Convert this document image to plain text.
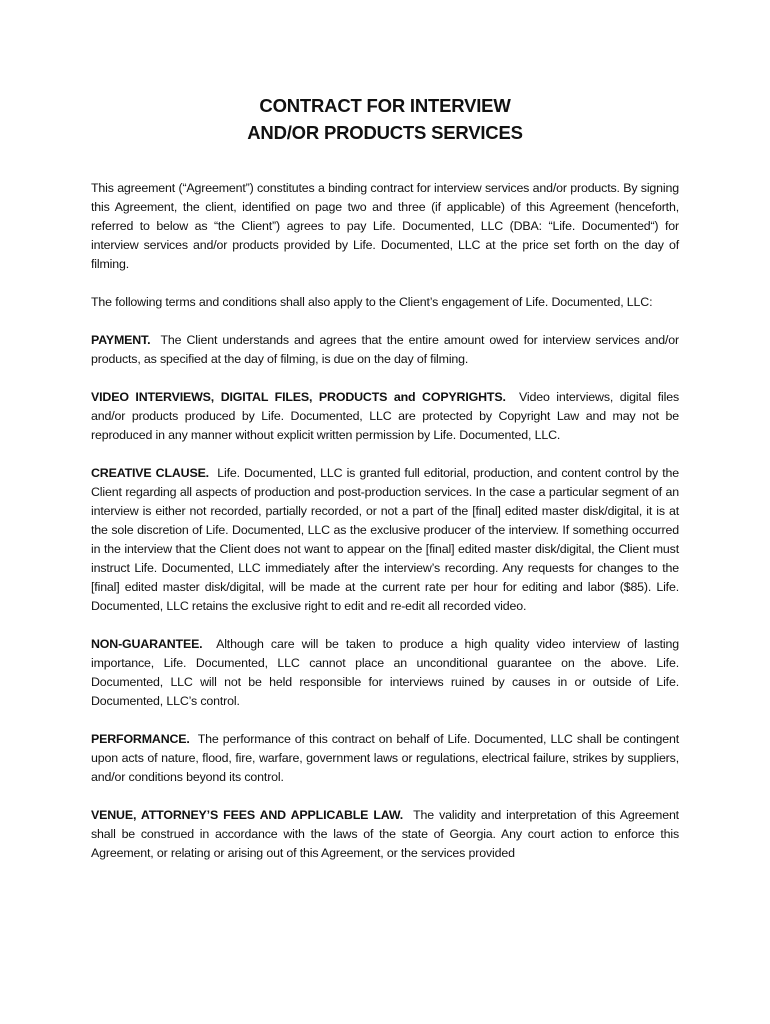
CONTRACT FOR INTERVIEW
AND/OR PRODUCTS SERVICES

This agreement (“Agreement”) constitutes a binding contract for interview services and/or products. By signing this Agreement, the client, identified on page two and three (if applicable) of this Agreement (henceforth, referred to below as “the Client”) agrees to pay Life. Documented, LLC (DBA: “Life. Documented“) for interview services and/or products provided by Life. Documented, LLC at the price set forth on the day of filming.

The following terms and conditions shall also apply to the Client’s engagement of Life. Documented, LLC:

PAYMENT. The Client understands and agrees that the entire amount owed for interview services and/or products, as specified at the day of filming, is due on the day of filming.

VIDEO INTERVIEWS, DIGITAL FILES, PRODUCTS and COPYRIGHTS. Video interviews, digital files and/or products produced by Life. Documented, LLC are protected by Copyright Law and may not be reproduced in any manner without explicit written permission by Life. Documented, LLC.

CREATIVE CLAUSE. Life. Documented, LLC is granted full editorial, production, and content control by the Client regarding all aspects of production and post-production services. In the case a particular segment of an interview is either not recorded, partially recorded, or not a part of the [final] edited master disk/digital, it is at the sole discretion of Life. Documented, LLC as the exclusive producer of the interview. If something occurred in the interview that the Client does not want to appear on the [final] edited master disk/digital, the Client must instruct Life. Documented, LLC immediately after the interview’s recording. Any requests for changes to the [final] edited master disk/digital, will be made at the current rate per hour for editing and labor ($85). Life. Documented, LLC retains the exclusive right to edit and re-edit all recorded video.

NON-GUARANTEE. Although care will be taken to produce a high quality video interview of lasting importance, Life. Documented, LLC cannot place an unconditional guarantee on the above. Life. Documented, LLC will not be held responsible for interviews ruined by causes in or outside of Life. Documented, LLC’s control.

PERFORMANCE. The performance of this contract on behalf of Life. Documented, LLC shall be contingent upon acts of nature, flood, fire, warfare, government laws or regulations, electrical failure, strikes by suppliers, and/or conditions beyond its control.

VENUE, ATTORNEY’S FEES AND APPLICABLE LAW. The validity and interpretation of this Agreement shall be construed in accordance with the laws of the state of Georgia. Any court action to enforce this Agreement, or relating or arising out of this Agreement, or the services provided
